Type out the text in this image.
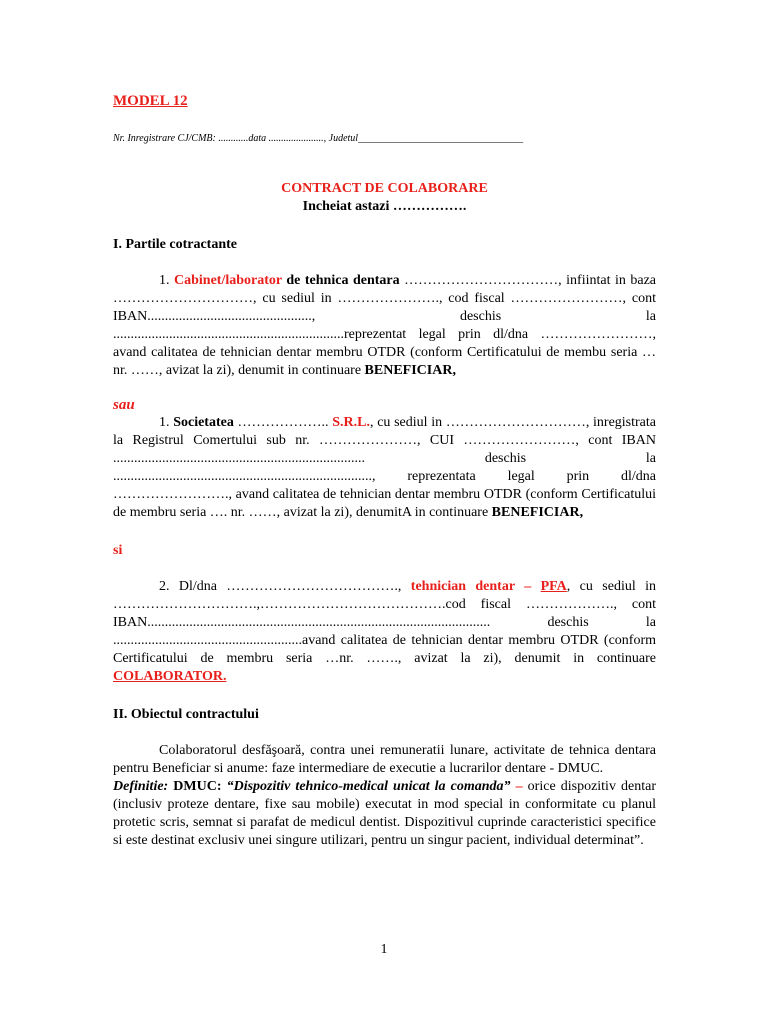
MODEL 12

Nr. Inregistrare CJ/CMB: ............data ......................, Judetul_________________________________
CONTRACT DE COLABORARE
Incheiat astazi …………….
I. Partile cotractante
1. Cabinet/laborator de tehnica dentara ……………………………, infiintat in baza …………………………, cu sediul in …………………., cod fiscal ……………………, cont IBAN..............................................., deschis la ..................................................................reprezentat legal prin dl/dna ……………………, avand calitatea de tehnician dentar membru OTDR (conform Certificatului de membu seria …nr. ……, avizat la zi), denumit in continuare BENEFICIAR,
sau
1. Societatea ……………….. S.R.L., cu sediul in …………………………, inregistrata la Registrul Comertului sub nr. …………………, CUI ……………………, cont IBAN ........................................................................ deschis la .........................................................................., reprezentata legal prin dl/dna ……………………., avand calitatea de tehnician dentar membru OTDR (conform Certificatului de membru seria …. nr. ……, avizat la zi), denumitA in continuare BENEFICIAR,
si
2. Dl/dna ………………………………., tehnician dentar – PFA, cu sediul in ………………………….,………………………………….cod fiscal ………………., cont IBAN.................................................................................................. deschis la ......................................................avand calitatea de tehnician dentar membru OTDR (conform Certificatului de membru seria …nr. ……., avizat la zi), denumit in continuare COLABORATOR.
II. Obiectul contractului
Colaboratorul desfăşoară, contra unei remuneratii lunare, activitate de tehnica dentara pentru Beneficiar si anume: faze intermediare de executie a lucrarilor dentare - DMUC.
Definitie: DMUC: “Dispozitiv tehnico-medical unicat la comanda” – orice dispozitiv dentar (inclusiv proteze dentare, fixe sau mobile) executat in mod special in conformitate cu planul protetic scris, semnat si parafat de medicul dentist. Dispozitivul cuprinde caracteristici specifice si este destinat exclusiv unei singure utilizari, pentru un singur pacient, individual determinat”.
1
